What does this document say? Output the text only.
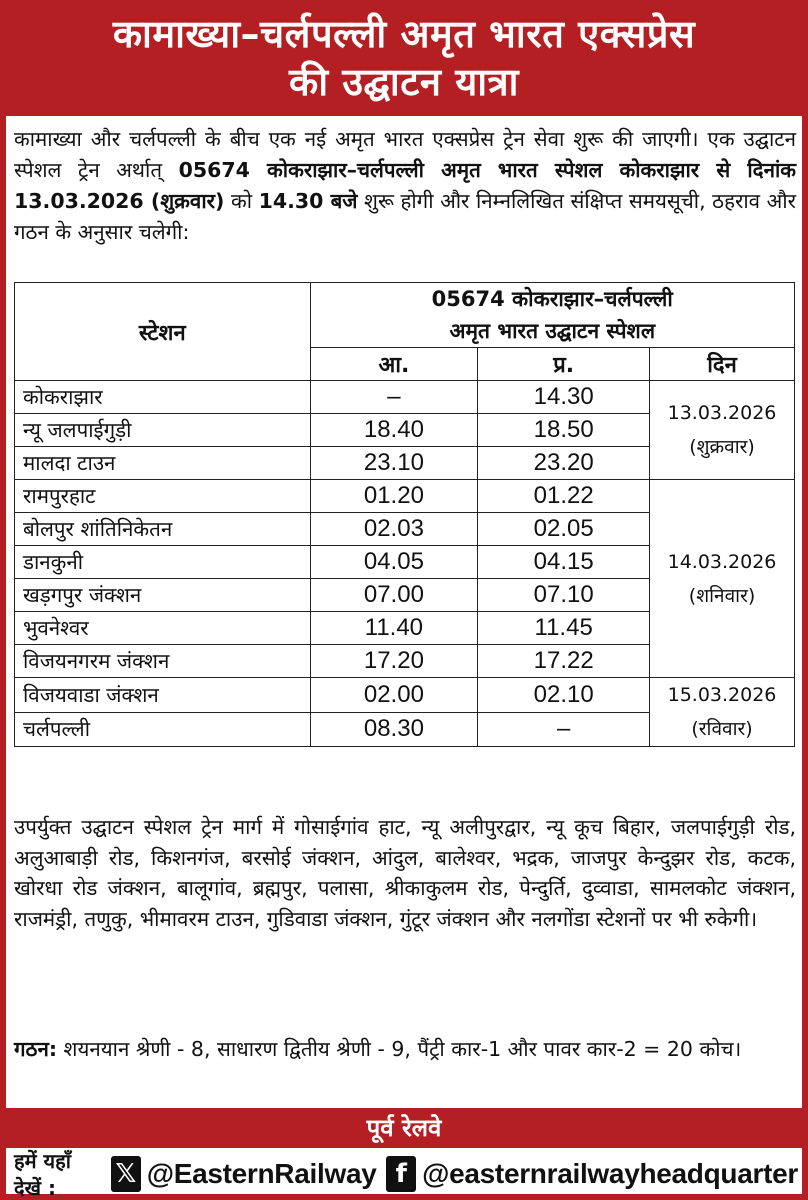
कामाख्या–चर्लपल्ली अमृत भारत एक्सप्रेस
की उद्घाटन यात्रा

कामाख्या और चर्लपल्ली के बीच एक नई अमृत भारत एक्सप्रेस ट्रेन सेवा शुरू की जाएगी। एक उद्घाटन स्पेशल ट्रेन अर्थात् 05674 कोकराझार–चर्लपल्ली अमृत भारत स्पेशल कोकराझार से दिनांक 13.03.2026 (शुक्रवार) को 14.30 बजे शुरू होगी और निम्नलिखित संक्षिप्त समयसूची, ठहराव और गठन के अनुसार चलेगी:

स्टेशन	05674 कोकराझार–चर्लपल्ली
अमृत भारत उद्घाटन स्पेशल		

	आ.	प्र.	दिन
कोकराझार	–	14.30	13.03.2026
(शुक्रवार)

न्यू जलपाईगुड़ी	18.40	18.50	
मालदा टाउन	23.10	23.20	
रामपुरहाट	01.20	01.22	14.03.2026
(शनिवार)

बोलपुर शांतिनिकेतन	02.03	02.05	
डानकुनी	04.05	04.15	
खड़गपुर जंक्शन	07.00	07.10	
भुवनेश्वर	11.40	11.45	
विजयनगरम जंक्शन	17.20	17.22	
विजयवाडा जंक्शन	02.00	02.10	15.03.2026
(रविवार)

चर्लपल्ली	08.30	–	

उपर्युक्त उद्घाटन स्पेशल ट्रेन मार्ग में गोसाईगांव हाट, न्यू अलीपुरद्वार, न्यू कूच बिहार, जलपाईगुड़ी रोड, अलुआबाड़ी रोड, किशनगंज, बरसोई जंक्शन, आंदुल, बालेश्वर, भद्रक, जाजपुर केन्दुझर रोड, कटक, खोरधा रोड जंक्शन, बालूगांव, ब्रह्मपुर, पलासा, श्रीकाकुलम रोड, पेन्दुर्ति, दुव्वाडा, सामलकोट जंक्शन, राजमंड्री, तणुकु, भीमावरम टाउन, गुडिवाडा जंक्शन, गुंटूर जंक्शन और नलगोंडा स्टेशनों पर भी रुकेगी।

गठन: शयनयान श्रेणी - 8, साधारण द्वितीय श्रेणी - 9, पैंट्री कार-1 और पावर कार-2 = 20 कोच।

पूर्व रेलवे
हमें यहाँ देखें :	𝕏 @EasternRailway f @easternrailwayheadquarter
